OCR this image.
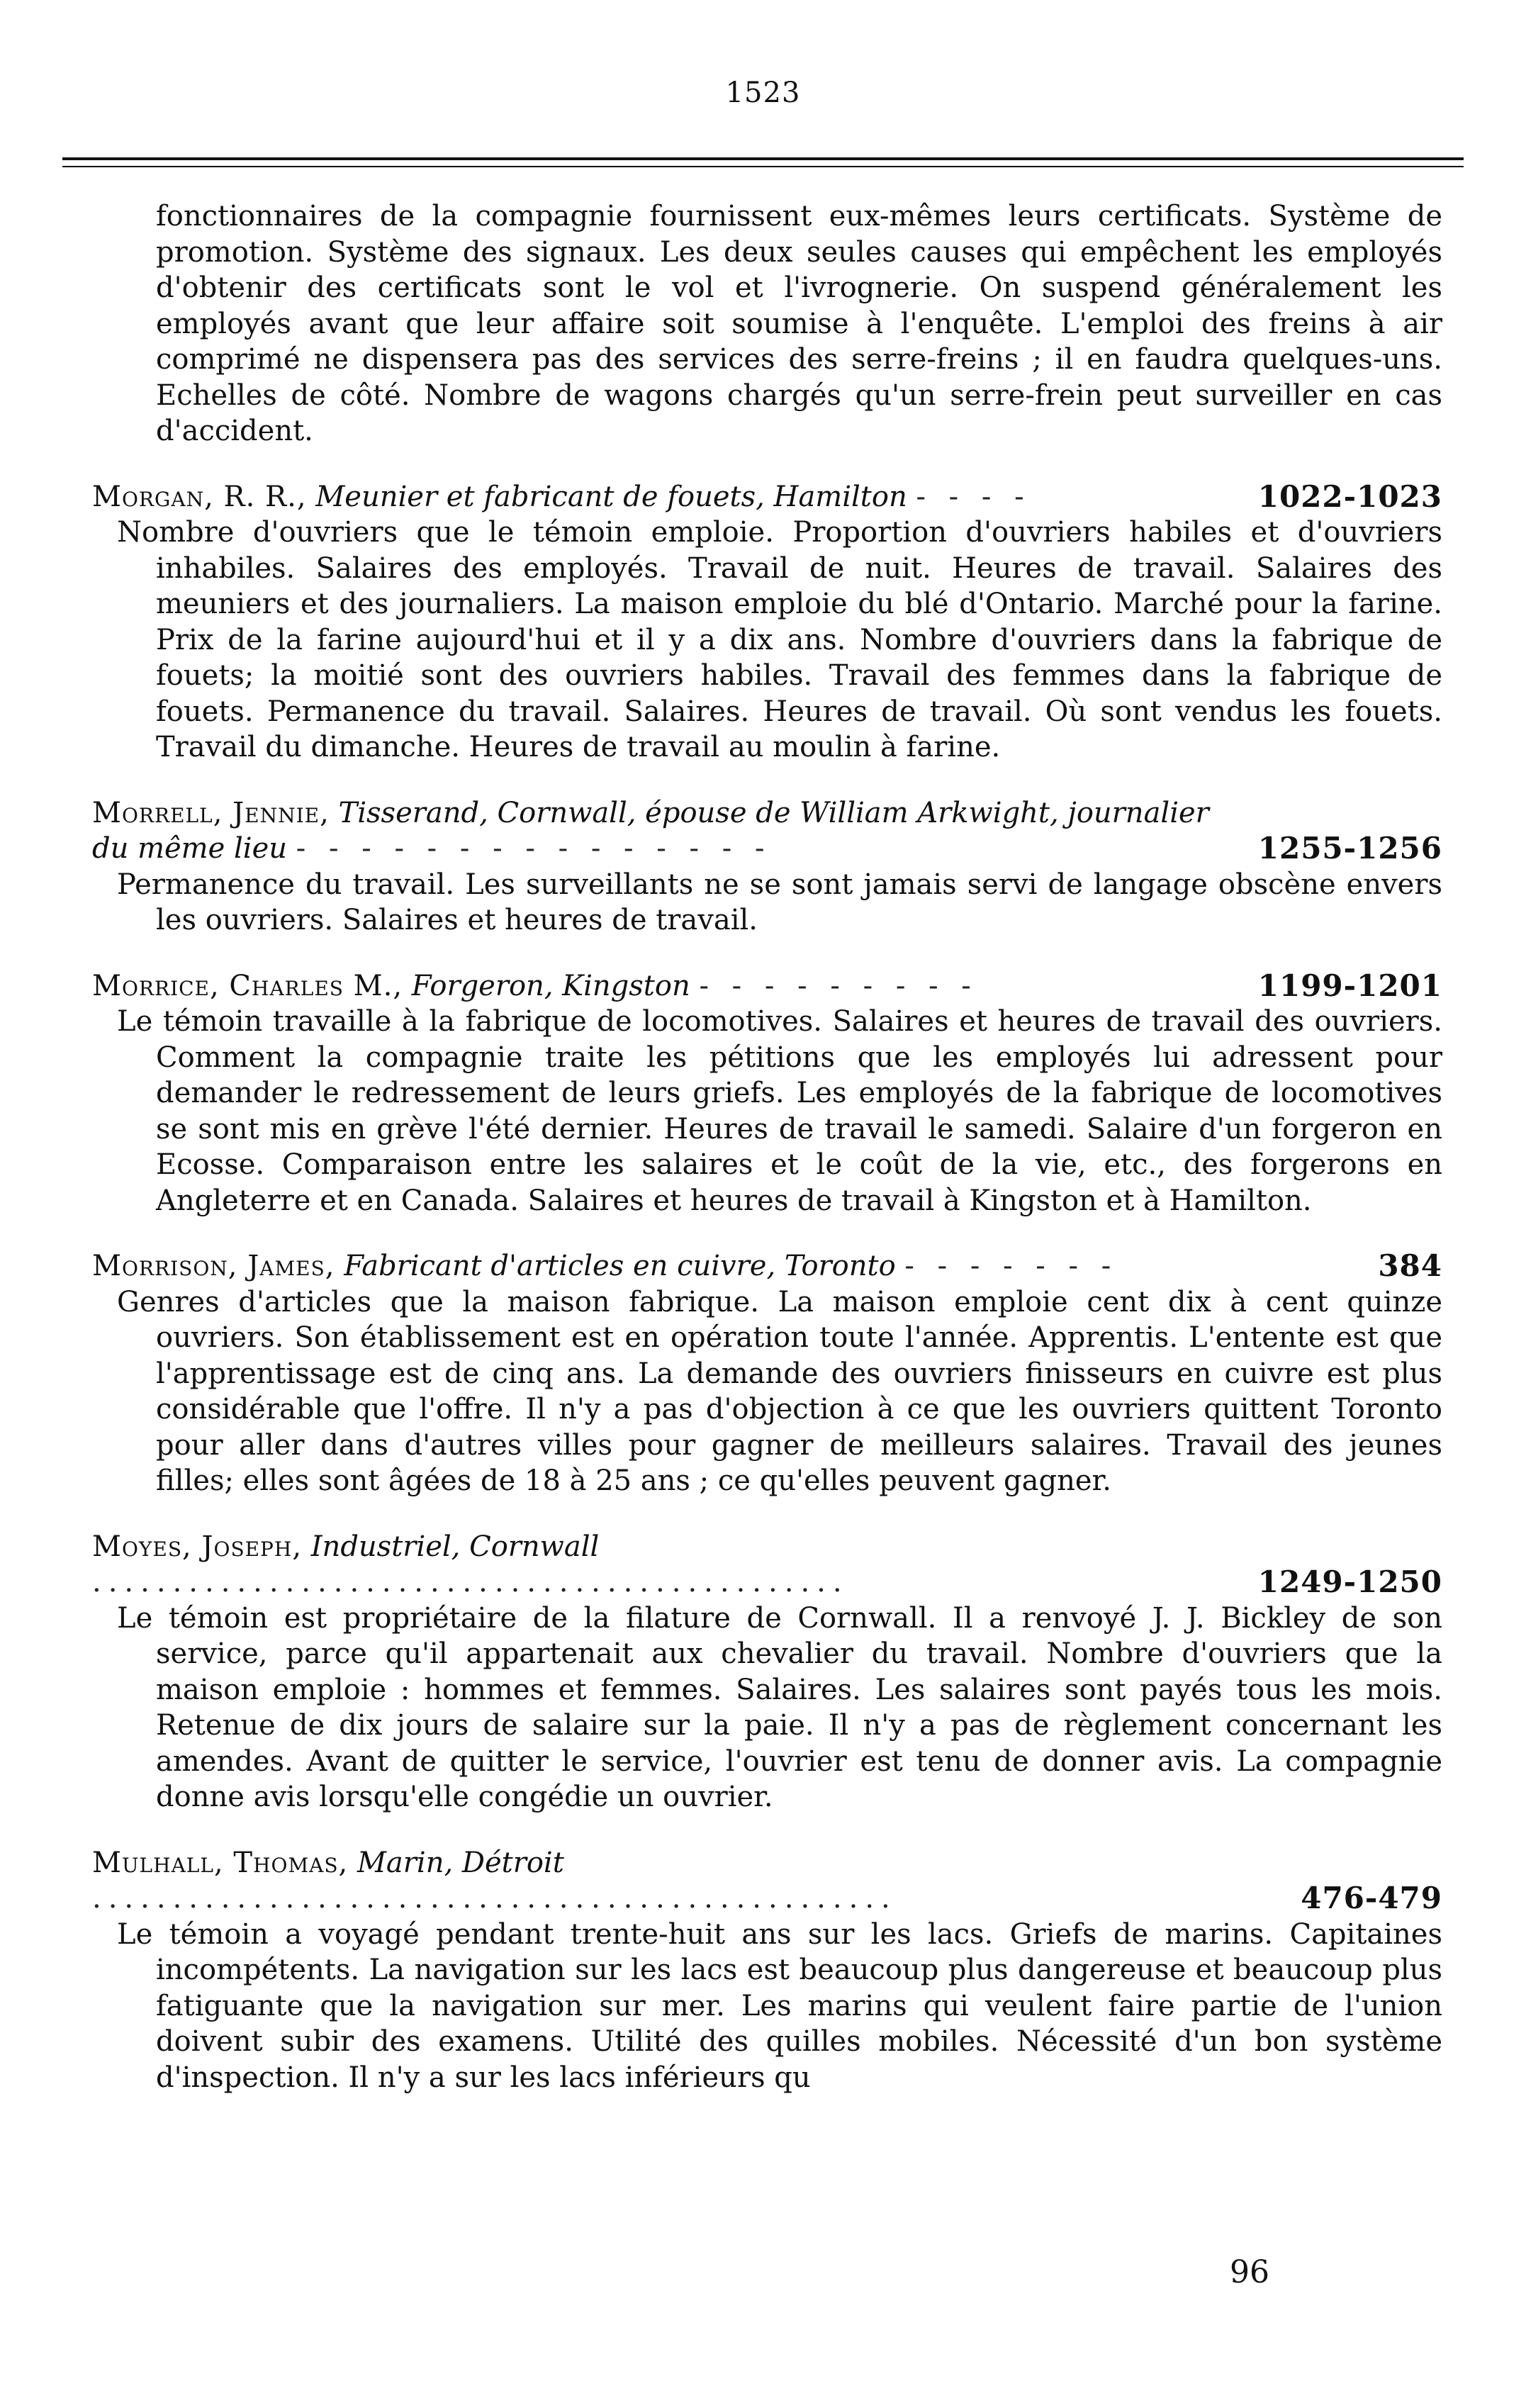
1523

fonctionnaires de la compagnie fournissent eux-mêmes leurs certificats. Système de promotion. Système des signaux. Les deux seules causes qui empêchent les employés d'obtenir des certificats sont le vol et l'ivrognerie. On suspend généralement les employés avant que leur affaire soit soumise à l'enquête. L'emploi des freins à air comprimé ne dispensera pas des services des serre-freins ; il en faudra quelques-uns. Echelles de côté. Nombre de wagons chargés qu'un serre-frein peut surveiller en cas d'accident.

Morgan, R. R., Meunier et fabricant de fouets, Hamilton - - - -	1022-1023
Nombre d'ouvriers que le témoin emploie. Proportion d'ouvriers habiles et d'ouvriers inhabiles. Salaires des employés. Travail de nuit. Heures de travail. Salaires des meuniers et des journaliers. La maison emploie du blé d'Ontario. Marché pour la farine. Prix de la farine aujourd'hui et il y a dix ans. Nombre d'ouvriers dans la fabrique de fouets; la moitié sont des ouvriers habiles. Travail des femmes dans la fabrique de fouets. Permanence du travail. Salaires. Heures de travail. Où sont vendus les fouets. Travail du dimanche. Heures de travail au moulin à farine.
Morrell, Jennie, Tisserand, Cornwall, épouse de William Arkwight, journalier du même lieu - - - - - - - - - - - - - - -	1255-1256
Permanence du travail. Les surveillants ne se sont jamais servi de langage obscène envers les ouvriers. Salaires et heures de travail.
Morrice, Charles M., Forgeron, Kingston - - - - - - - - -	1199-1201
Le témoin travaille à la fabrique de locomotives. Salaires et heures de travail des ouvriers. Comment la compagnie traite les pétitions que les employés lui adressent pour demander le redressement de leurs griefs. Les employés de la fabrique de locomotives se sont mis en grève l'été dernier. Heures de travail le samedi. Salaire d'un forgeron en Ecosse. Comparaison entre les salaires et le coût de la vie, etc., des forgerons en Angleterre et en Canada. Salaires et heures de travail à Kingston et à Hamilton.
Morrison, James, Fabricant d'articles en cuivre, Toronto - - - - - - -	384
Genres d'articles que la maison fabrique. La maison emploie cent dix à cent quinze ouvriers. Son établissement est en opération toute l'année. Apprentis. L'entente est que l'apprentissage est de cinq ans. La demande des ouvriers finisseurs en cuivre est plus considérable que l'offre. Il n'y a pas d'objection à ce que les ouvriers quittent Toronto pour aller dans d'autres villes pour gagner de meilleurs salaires. Travail des jeunes filles; elles sont âgées de 18 à 25 ans ; ce qu'elles peuvent gagner.
Moyes, Joseph, Industriel, Cornwall ...............................................	1249-1250
Le témoin est propriétaire de la filature de Cornwall. Il a renvoyé J. J. Bickley de son service, parce qu'il appartenait aux chevalier du travail. Nombre d'ouvriers que la maison emploie : hommes et femmes. Salaires. Les salaires sont payés tous les mois. Retenue de dix jours de salaire sur la paie. Il n'y a pas de règlement concernant les amendes. Avant de quitter le service, l'ouvrier est tenu de donner avis. La compagnie donne avis lorsqu'elle congédie un ouvrier.
Mulhall, Thomas, Marin, Détroit ..................................................	476-479
Le témoin a voyagé pendant trente-huit ans sur les lacs. Griefs de marins. Capitaines incompétents. La navigation sur les lacs est beaucoup plus dangereuse et beaucoup plus fatiguante que la navigation sur mer. Les marins qui veulent faire partie de l'union doivent subir des examens. Utilité des quilles mobiles. Nécessité d'un bon système d'inspection. Il n'y a sur les lacs inférieurs qu
96
